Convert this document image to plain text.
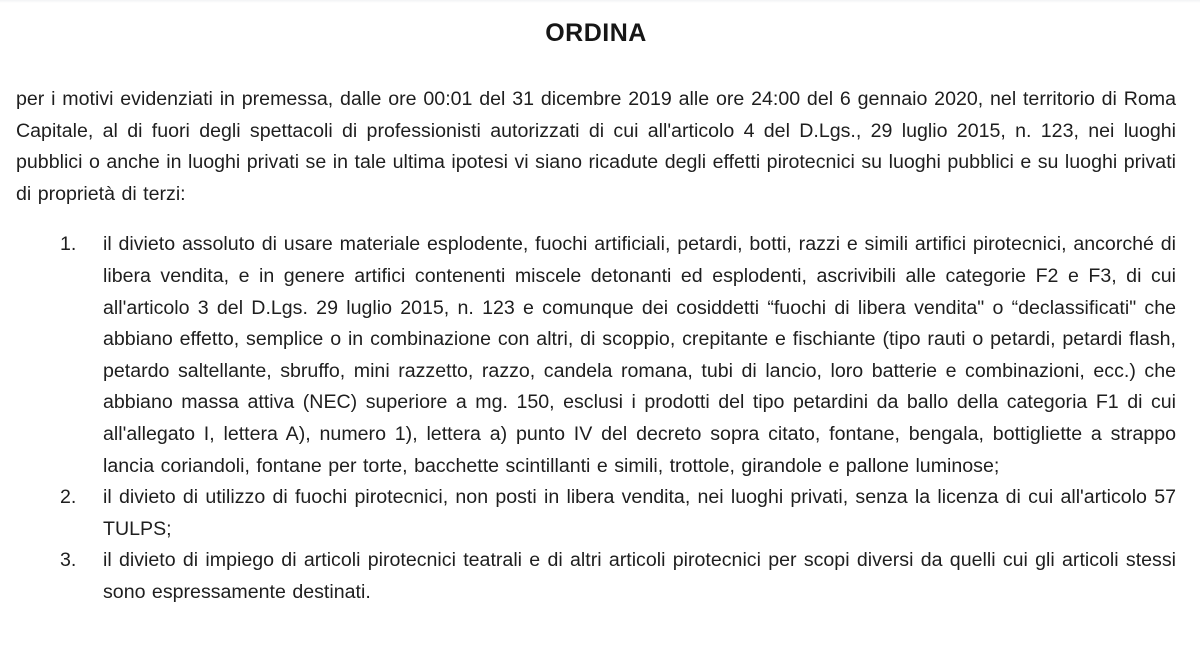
ORDINA

per i motivi evidenziati in premessa, dalle ore 00:01 del 31 dicembre 2019 alle ore 24:00 del 6 gennaio 2020, nel territorio di Roma Capitale, al di fuori degli spettacoli di professionisti autorizzati di cui all'articolo 4 del D.Lgs., 29 luglio 2015, n. 123, nei luoghi pubblici o anche in luoghi privati se in tale ultima ipotesi vi siano ricadute degli effetti pirotecnici su luoghi pubblici e su luoghi privati di proprietà di terzi:

1.	il divieto assoluto di usare materiale esplodente, fuochi artificiali, petardi, botti, razzi e simili artifici pirotecnici, ancorché di libera vendita, e in genere artifici contenenti miscele detonanti ed esplodenti, ascrivibili alle categorie F2 e F3, di cui all'articolo 3 del D.Lgs. 29 luglio 2015, n. 123 e comunque dei cosiddetti “fuochi di libera vendita" o “declassificati" che abbiano effetto, semplice o in combinazione con altri, di scoppio, crepitante e fischiante (tipo rauti o petardi, petardi flash, petardo saltellante, sbruffo, mini razzetto, razzo, candela romana, tubi di lancio, loro batterie e combinazioni, ecc.) che abbiano massa attiva (NEC) superiore a mg. 150, esclusi i prodotti del tipo petardini da ballo della categoria F1 di cui all'allegato I, lettera A), numero 1), lettera a) punto IV del decreto sopra citato, fontane, bengala, bottigliette a strappo lancia coriandoli, fontane per torte, bacchette scintillanti e simili, trottole, girandole e pallone luminose;
2.	il divieto di utilizzo di fuochi pirotecnici, non posti in libera vendita, nei luoghi privati, senza la licenza di cui all'articolo 57 TULPS;
3.	il divieto di impiego di articoli pirotecnici teatrali e di altri articoli pirotecnici per scopi diversi da quelli cui gli articoli stessi sono espressamente destinati.
